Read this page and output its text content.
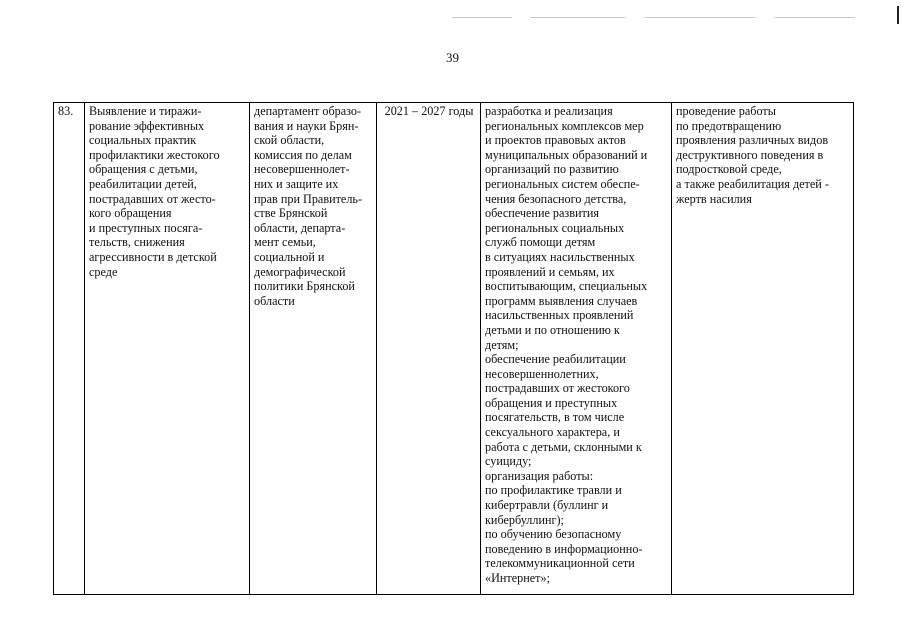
39
83.	Выявление и тиражи-
рование эффективных
социальных практик
профилактики жестокого
обращения с детьми,
реабилитации детей,
пострадавших от жесто-
кого обращения
и преступных посяга-
тельств, снижения
агрессивности в детской
среде

департамент образо-
вания и науки Брян-
ской области,
комиссия по делам
несовершеннолет-
них и защите их
прав при Правитель-
стве Брянской
области, департа-
мент семьи,
социальной и
демографической
политики Брянской
области

2021 – 2027 годы	разработка и реализация
региональных комплексов мер
и проектов правовых актов
муниципальных образований и
организаций по развитию
региональных систем обеспе-
чения безопасного детства,
обеспечение развития
региональных социальных
служб помощи детям
в ситуациях насильственных
проявлений и семьям, их
воспитывающим, специальных
программ выявления случаев
насильственных проявлений
детьми и по отношению к
детям;
обеспечение реабилитации
несовершеннолетних,
пострадавших от жестокого
обращения и преступных
посягательств, в том числе
сексуального характера, и
работа с детьми, склонными к
суициду;
организация работы:
по профилактике травли и
кибертравли (буллинг и
кибербуллинг);
по обучению безопасному
поведению в информационно-
телекоммуникационной сети
«Интернет»;

проведение работы
по предотвращению
проявления различных видов
деструктивного поведения в
подростковой среде,
а также реабилитация детей -
жертв насилия
